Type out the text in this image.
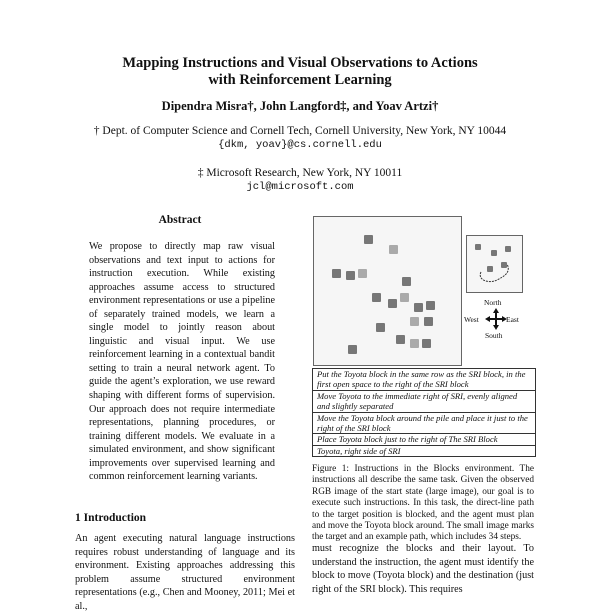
Mapping Instructions and Visual Observations to Actions
with Reinforcement Learning
Dipendra Misra†, John Langford‡, and Yoav Artzi†
† Dept. of Computer Science and Cornell Tech, Cornell University, New York, NY 10044
{dkm, yoav}@cs.cornell.edu
‡ Microsoft Research, New York, NY 10011
jcl@microsoft.com
Abstract
We propose to directly map raw visual observations and text input to actions for instruction execution. While existing approaches assume access to structured environment representations or use a pipeline of separately trained models, we learn a single model to jointly reason about linguistic and visual input. We use reinforcement learning in a contextual bandit setting to train a neural network agent. To guide the agent’s exploration, we use reward shaping with different forms of supervision. Our approach does not require intermediate representations, planning procedures, or training different models. We evaluate in a simulated environment, and show significant improvements over supervised learning and common reinforcement learning variants.
1 Introduction
An agent executing natural language instructions requires robust understanding of language and its environment. Existing approaches addressing this problem assume structured environment representations (e.g., Chen and Mooney, 2011; Mei et al.,
North
West	East
South
Put the Toyota block in the same row as the SRI block, in the first open space to the right of the SRI block
Move Toyota to the immediate right of SRI, evenly aligned and slightly separated
Move the Toyota block around the pile and place it just to the right of the SRI block
Place Toyota block just to the right of The SRI Block
Toyota, right side of SRI
Figure 1: Instructions in the Blocks environment. The instructions all describe the same task. Given the observed RGB image of the start state (large image), our goal is to execute such instructions. In this task, the direct-line path to the target position is blocked, and the agent must plan and move the Toyota block around. The small image marks the target and an example path, which includes 34 steps.
must recognize the blocks and their layout. To understand the instruction, the agent must identify the block to move (Toyota block) and the destination (just right of the SRI block). This requires
